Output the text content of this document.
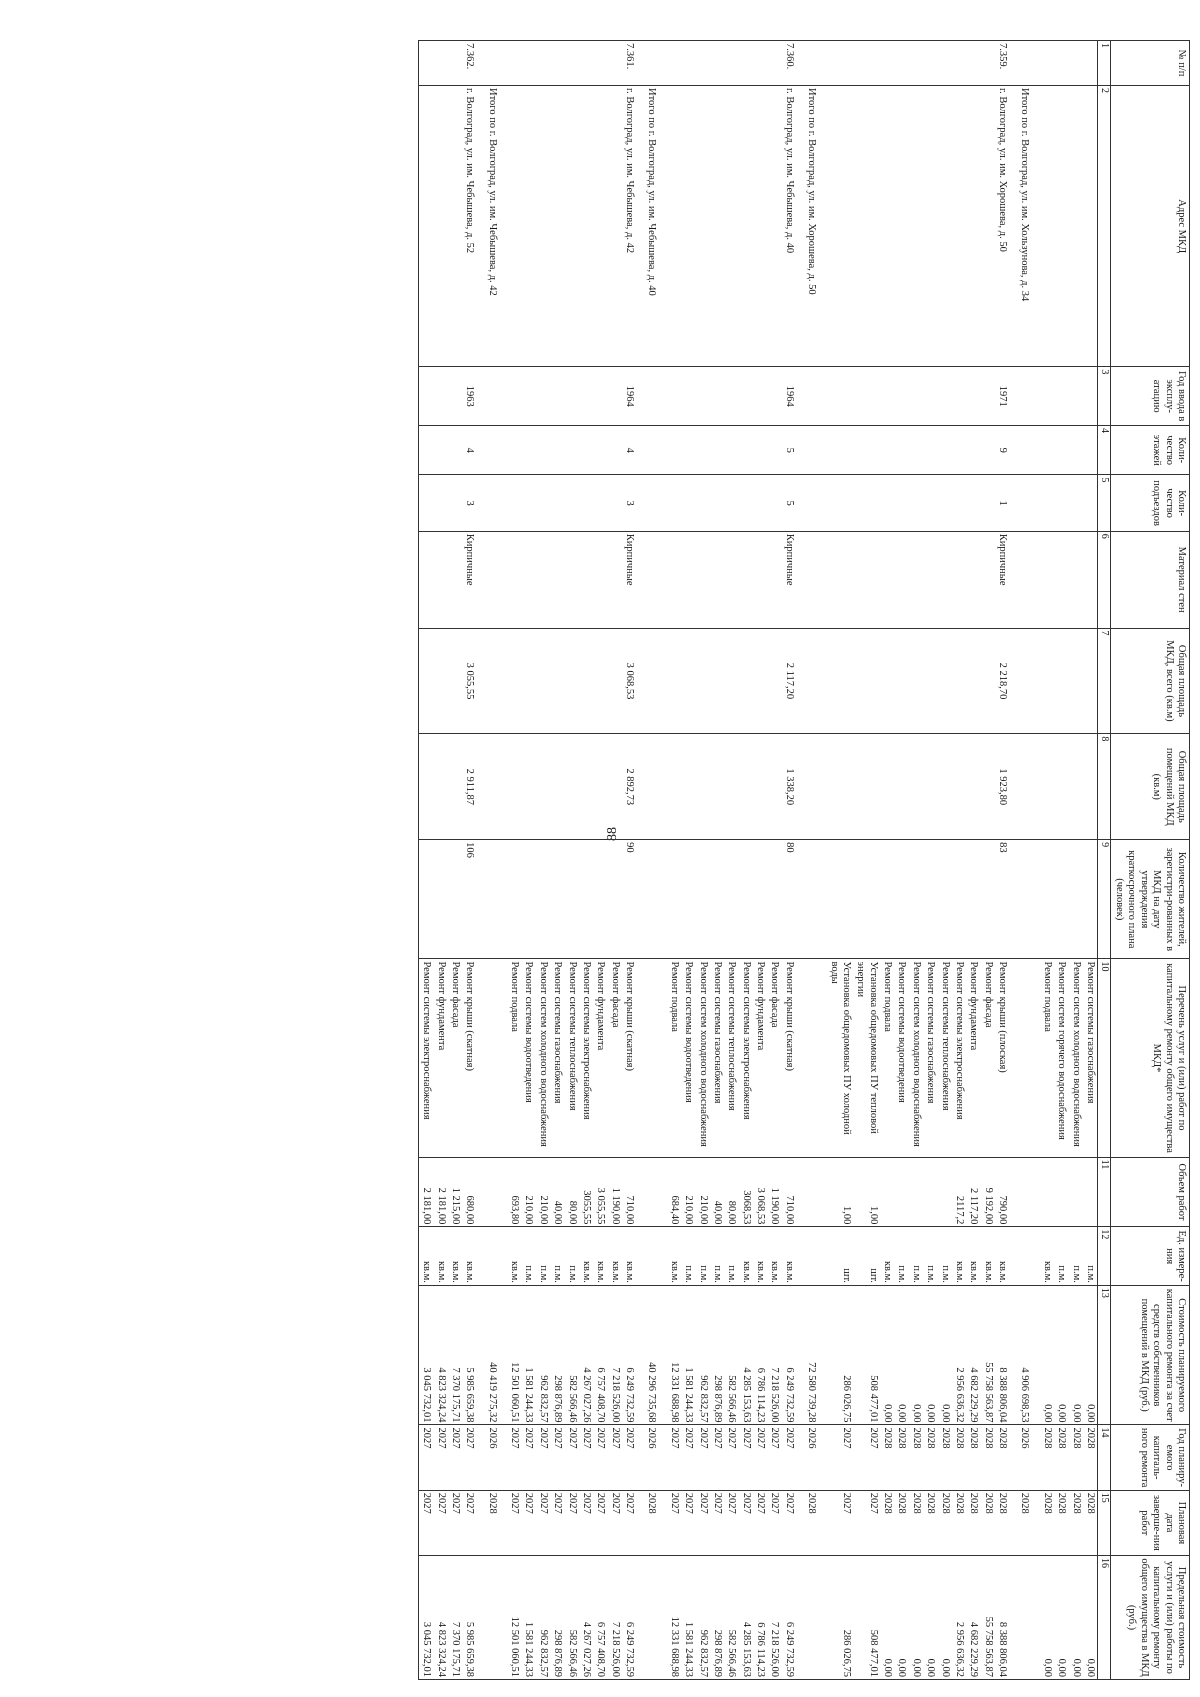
88
№ п/п	Адрес МКД	Год ввода в эксплу-атацию	Коли-чество этажей	Коли-чество подъездов	Материал стен	Общая площадь МКД, всего (кв.м)	Общая площадь помещений МКД (кв.м)	Количество жителей, зарегистри-рованных в МКД на дату утверждения краткосрочного плана (человек)	Перечень услуг и (или) работ по капитальному ремонту общего имущества МКД*	Объем работ	Ед. измере-ния	Стоимость планируемого капитального ремонта за счет средств собственников помещений в МКД (руб.)	Год планиру-емого капиталь-ного ремонта	Плановая дата заверше-ния работ	Предельная стоимость услуги и (или) работы по капитальному ремонту общего имущества в МКД (руб.)
1	2	3	4	5	6	7	8	9	10	11	12	13	14	15	16
									Ремонт системы газоснабжения		п.м.	0,00	2028	2028	0,00
									Ремонт систем холодного водоснабжения		п.м.	0,00	2028	2028	0,00
									Ремонт систем горячего водоснабжения		п.м.	0,00	2028	2028	0,00
									Ремонт подвала		кв.м.	0,00	2028	2028	0,00

	Итого по г. Волгоград, ул. им. Хользунова, д. 34											4 906 698,53	2026	2028	

7.359.	г. Волгоград, ул. им. Хорошева, д. 50	1971	9	1	Кирпичные	2 218,70	1 923,80	83	Ремонт крыши (плоская)	790,00	кв.м.	8 388 806,04	2028	2028	8 388 806,04
									Ремонт фасада	9 192,00	кв.м.	55 758 563,87	2028	2028	55 758 563,87
									Ремонт фундамента	2 117,20	кв.м.	4 682 229,29	2028	2028	4 682 229,29
									Ремонт системы электроснабжения	2117,2	кв.м.	2 956 636,32	2028	2028	2 956 636,32
									Ремонт системы теплоснабжения		п.м.	0,00	2028	2028	0,00
									Ремонт системы газоснабжения		п.м.	0,00	2028	2028	0,00
									Ремонт систем холодного водоснабжения		п.м.	0,00	2028	2028	0,00
									Ремонт системы водоотведения		п.м.	0,00	2028	2028	0,00
									Ремонт подвала		кв.м.	0,00	2028	2028	0,00
									Установка общедомовых ПУ тепловой энергии	1,00	шт.	508 477,01	2027	2027	508 477,01
									Установка общедомовых ПУ холодной воды	1,00	шт.	286 026,75	2027	2027	286 026,75

	Итого по г. Волгоград, ул. им. Хорошева, д. 50											72 580 739,28	2026	2028	

7.360.	г. Волгоград, ул. им. Чебышева, д. 40	1964	5	5	Кирпичные	2 117,20	1 338,20	80	Ремонт крыши (скатная)	710,00	кв.м.	6 249 732,59	2027	2027	6 249 732,59
									Ремонт фасада	1 190,00	кв.м.	7 218 526,00	2027	2027	7 218 526,00
									Ремонт фундамента	3 068,53	кв.м.	6 786 114,23	2027	2027	6 786 114,23
									Ремонт системы электроснабжения	3068,53	кв.м.	4 285 153,63	2027	2027	4 285 153,63
									Ремонт системы теплоснабжения	80,00	п.м.	582 566,46	2027	2027	582 566,46
									Ремонт системы газоснабжения	40,00	п.м.	298 876,89	2027	2027	298 876,89
									Ремонт систем холодного водоснабжения	210,00	п.м.	962 832,57	2027	2027	962 832,57
									Ремонт системы водоотведения	210,00	п.м.	1 581 244,33	2027	2027	1 581 244,33
									Ремонт подвала	684,40	кв.м.	12 331 688,98	2027	2027	12 331 688,98

	Итого по г. Волгоград, ул. им. Чебышева, д. 40											40 296 735,68	2026	2028	

7.361.	г. Волгоград, ул. им. Чебышева, д. 42	1964	4	3	Кирпичные	3 068,53	2 892,73	90	Ремонт крыши (скатная)	710,00	кв.м.	6 249 732,59	2027	2027	6 249 732,59
									Ремонт фасада	1 190,00	кв.м.	7 218 526,00	2027	2027	7 218 526,00
									Ремонт фундамента	3 055,55	кв.м.	6 757 408,70	2027	2027	6 757 408,70
									Ремонт системы электроснабжения	3055,55	кв.м.	4 267 027,26	2027	2027	4 267 027,26
									Ремонт системы теплоснабжения	80,00	п.м.	582 566,46	2027	2027	582 566,46
									Ремонт системы газоснабжения	40,00	п.м.	298 876,89	2027	2027	298 876,89
									Ремонт систем холодного водоснабжения	210,00	п.м.	962 832,57	2027	2027	962 832,57
									Ремонт системы водоотведения	210,00	п.м.	1 581 244,33	2027	2027	1 581 244,33
									Ремонт подвала	693,80	кв.м.	12 501 060,51	2027	2027	12 501 060,51

	Итого по г. Волгоград, ул. им. Чебышева, д. 42											40 419 275,32	2026	2028	

7.362.	г. Волгоград, ул. им. Чебышева, д. 52	1963	4	3	Кирпичные	3 055,55	2 911,87	106	Ремонт крыши (скатная)	680,00	кв.м.	5 985 659,38	2027	2027	5 985 659,38
									Ремонт фасада	1 215,00	кв.м.	7 370 175,71	2027	2027	7 370 175,71
									Ремонт фундамента	2 181,00	кв.м.	4 823 324,24	2027	2027	4 823 324,24
									Ремонт системы электроснабжения	2 181,00	кв.м.	3 045 732,01	2027	2027	3 045 732,01
